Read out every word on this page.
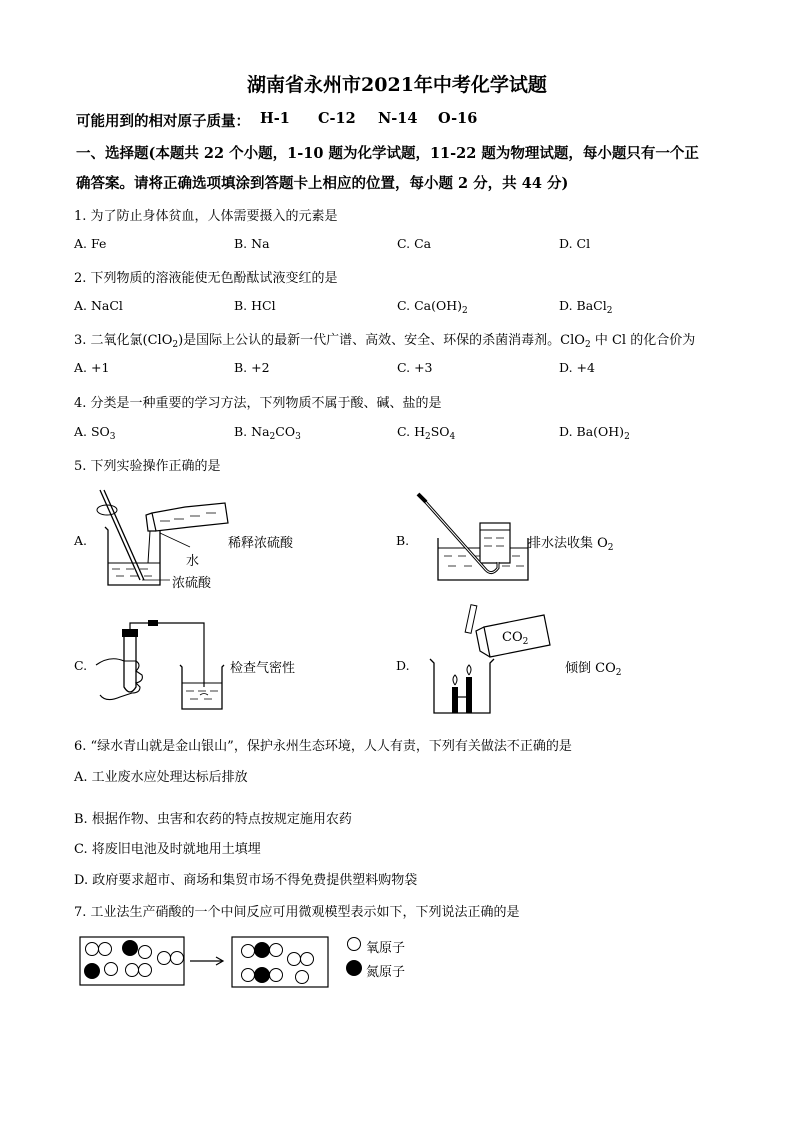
湖南省永州市2021年中考化学试题
可能用到的相对原子质量： H-1 C-12 N-14 O-16
一、选择题(本题共 22 个小题，1-10 题为化学试题，11-22 题为物理试题，每小题只有一个正
确答案。请将正确选项填涂到答题卡上相应的位置，每小题 2 分，共 44 分)
1. 为了防止身体贫血，人体需要摄入的元素是
A. Fe	B. Na	C. Ca	D. Cl
2. 下列物质的溶液能使无色酚酞试液变红的是
A. NaCl	B. HCl	C. $Ca(OH)_2$	D. BaCl$_2$
3. 二氧化氯(ClO$_2$)是国际上公认的最新一代广谱、高效、安全、环保的杀菌消毒剂。ClO$_2$ 中 Cl 的化合价为
A. +1	B. +2	C. +3	D. +4
4. 分类是一种重要的学习方法，下列物质不属于酸、碱、盐的是
A. $SO_3$	B. $Na_2CO_3$	C. $H_2SO_4$	D. $Ba(OH)_2$
5. 下列实验操作正确的是
A.	稀释浓硫酸
水
浓硫酸
B.	排水法收集 $O_2$
C.	检查气密性	D.
$CO_2$
倾倒 $CO_2$
6. “绿水青山就是金山银山”，保护永州生态环境，人人有责，下列有关做法不正确的是
A. 工业废水应处理达标后排放
B. 根据作物、虫害和农药的特点按规定施用农药
C. 将废旧电池及时就地用土填埋
D. 政府要求超市、商场和集贸市场不得免费提供塑料购物袋
7. 工业法生产硝酸的一个中间反应可用微观模型表示如下，下列说法正确的是
氧原子
氮原子
